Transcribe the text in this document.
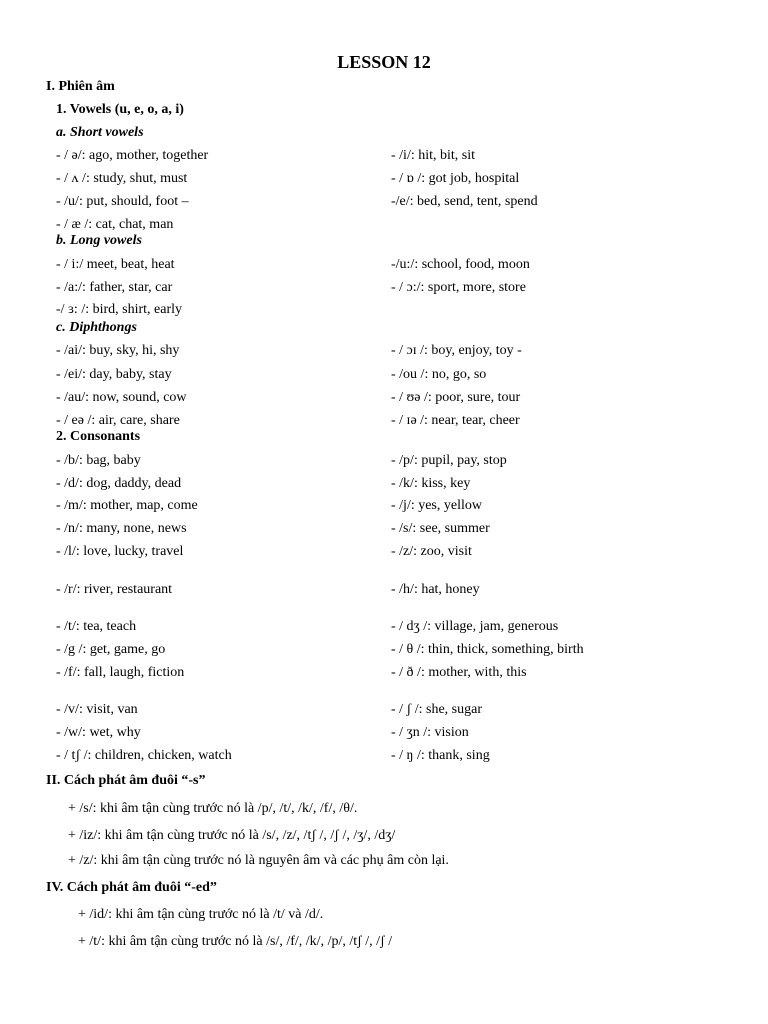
LESSON 12
I. Phiên âm
1. Vowels (u, e, o, a, i)
a. Short vowels
- / ə/: ago, mother, together	- /i/: hit, bit, sit
- / ʌ /: study, shut, must	- / ɒ /: got job, hospital
- /u/: put, should, foot –	-/e/: bed, send, tent, spend
- / æ /: cat, chat, man
b. Long vowels
- / i:/ meet, beat, heat	-/u:/: school, food, moon
- /a:/: father, star, car	- / ɔ:/: sport, more, store
-/ ɜ: /: bird, shirt, early
c. Diphthongs
- /ai/: buy, sky, hi, shy	- / ɔɪ /: boy, enjoy, toy -
- /ei/: day, baby, stay	- /ou /: no, go, so
- /au/: now, sound, cow	- / ʊə /: poor, sure, tour
- / eə /: air, care, share	- / ɪə /: near, tear, cheer
2. Consonants
- /b/: bag, baby	- /p/: pupil, pay, stop
- /d/: dog, daddy, dead	- /k/: kiss, key
- /m/: mother, map, come	- /j/: yes, yellow
- /n/: many, none, news	- /s/: see, summer
- /l/: love, lucky, travel	- /z/: zoo, visit
- /r/: river, restaurant	- /h/: hat, honey
- /t/: tea, teach	- / dʒ /: village, jam, generous
- /g /: get, game, go	- / θ /: thin, thick, something, birth
- /f/: fall, laugh, fiction	- / ð /: mother, with, this
- /v/: visit, van	- / ʃ /: she, sugar
- /w/: wet, why	- / ʒn /: vision
- / tʃ /: children, chicken, watch	- / ŋ /: thank, sing
II. Cách phát âm đuôi “-s”
+ /s/: khi âm tận cùng trước nó là /p/, /t/, /k/, /f/, /θ/.
+ /iz/: khi âm tận cùng trước nó là /s/, /z/, /tʃ /, /ʃ /, /ʒ/, /dʒ/
+ /z/: khi âm tận cùng trước nó là nguyên âm và các phụ âm còn lại.
IV. Cách phát âm đuôi “-ed”
+ /id/: khi âm tận cùng trước nó là /t/ và /d/.
+ /t/: khi âm tận cùng trước nó là /s/, /f/, /k/, /p/, /tʃ /, /ʃ /
